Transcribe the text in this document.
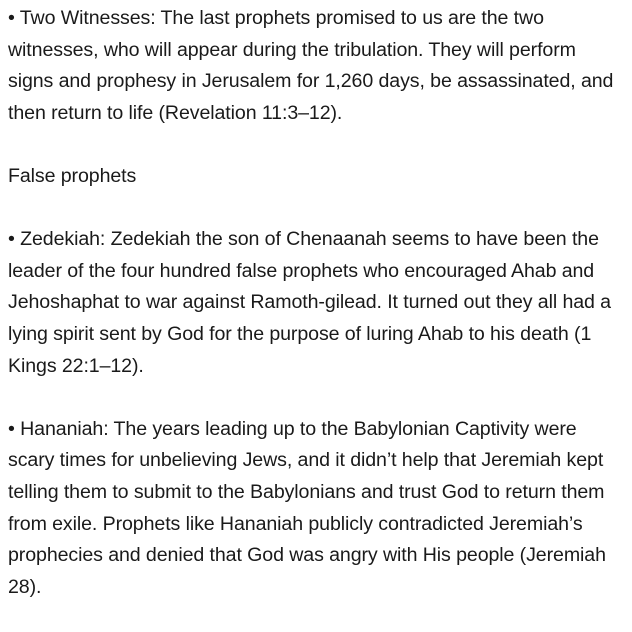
• Two Witnesses: The last prophets promised to us are the two witnesses, who will appear during the tribulation. They will perform signs and prophesy in Jerusalem for 1,260 days, be assassinated, and then return to life (Revelation 11:3–12).

False prophets

• Zedekiah: Zedekiah the son of Chenaanah seems to have been the leader of the four hundred false prophets who encouraged Ahab and Jehoshaphat to war against Ramoth-gilead. It turned out they all had a lying spirit sent by God for the purpose of luring Ahab to his death (1 Kings 22:1–12).

• Hananiah: The years leading up to the Babylonian Captivity were scary times for unbelieving Jews, and it didn’t help that Jeremiah kept telling them to submit to the Babylonians and trust God to return them from exile. Prophets like Hananiah publicly contradicted Jeremiah’s prophecies and denied that God was angry with His people (Jeremiah 28).
